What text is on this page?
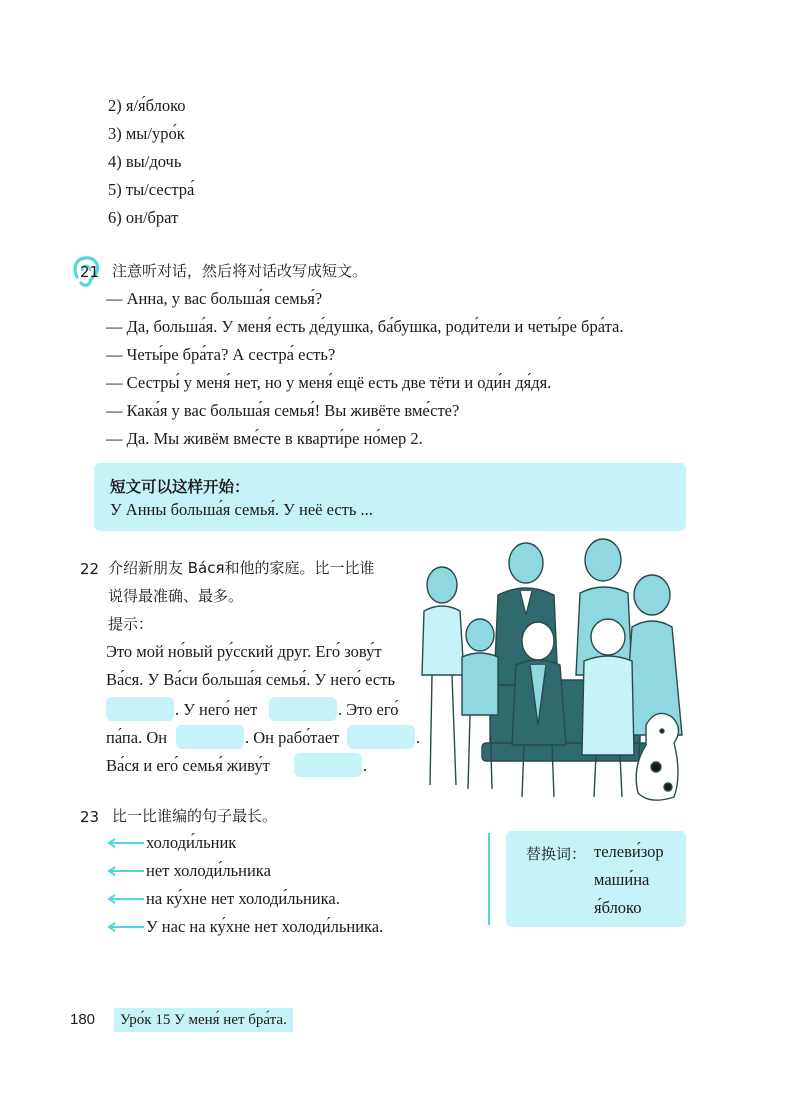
2) я/я́блоко
3) мы/уро́к
4) вы/дочь
5) ты/сестра́
6) он/брат
21 注意听对话，然后将对话改写成短文。
— Анна, у вас больша́я семья́?
— Да, больша́я. У меня́ есть де́душка, ба́бушка, роди́тели и четы́ре бра́та.
— Четы́ре бра́та? А сестра́ есть?
— Сестры́ у меня́ нет, но у меня́ ещё есть две тёти и оди́н дя́дя.
— Кака́я у вас больша́я семья́! Вы живёте вме́сте?
— Да. Мы живём вме́сте в кварти́ре но́мер 2.
短文可以这样开始：
У Анны больша́я семья́. У неё есть ...
22 介绍新朋友 Ва́ся和他的家庭。比一比谁
说得最准确、最多。
提示：
Это мой но́вый ру́сский друг. Его́ зову́т
Ва́ся. У Ва́си больша́я семья́. У него́ есть
. У него́ нет	. Это его́
па́па. Он	. Он рабо́тает	.
Ва́ся и его́ семья́ живу́т	.
23 比一比谁编的句子最长。
холоди́льник
нет холоди́льника
на ку́хне нет холоди́льника.
У нас на ку́хне нет холоди́льника.
替换词： телеви́зор
маши́на
я́блоко
180	Уро́к 15 У меня́ нет бра́та.
